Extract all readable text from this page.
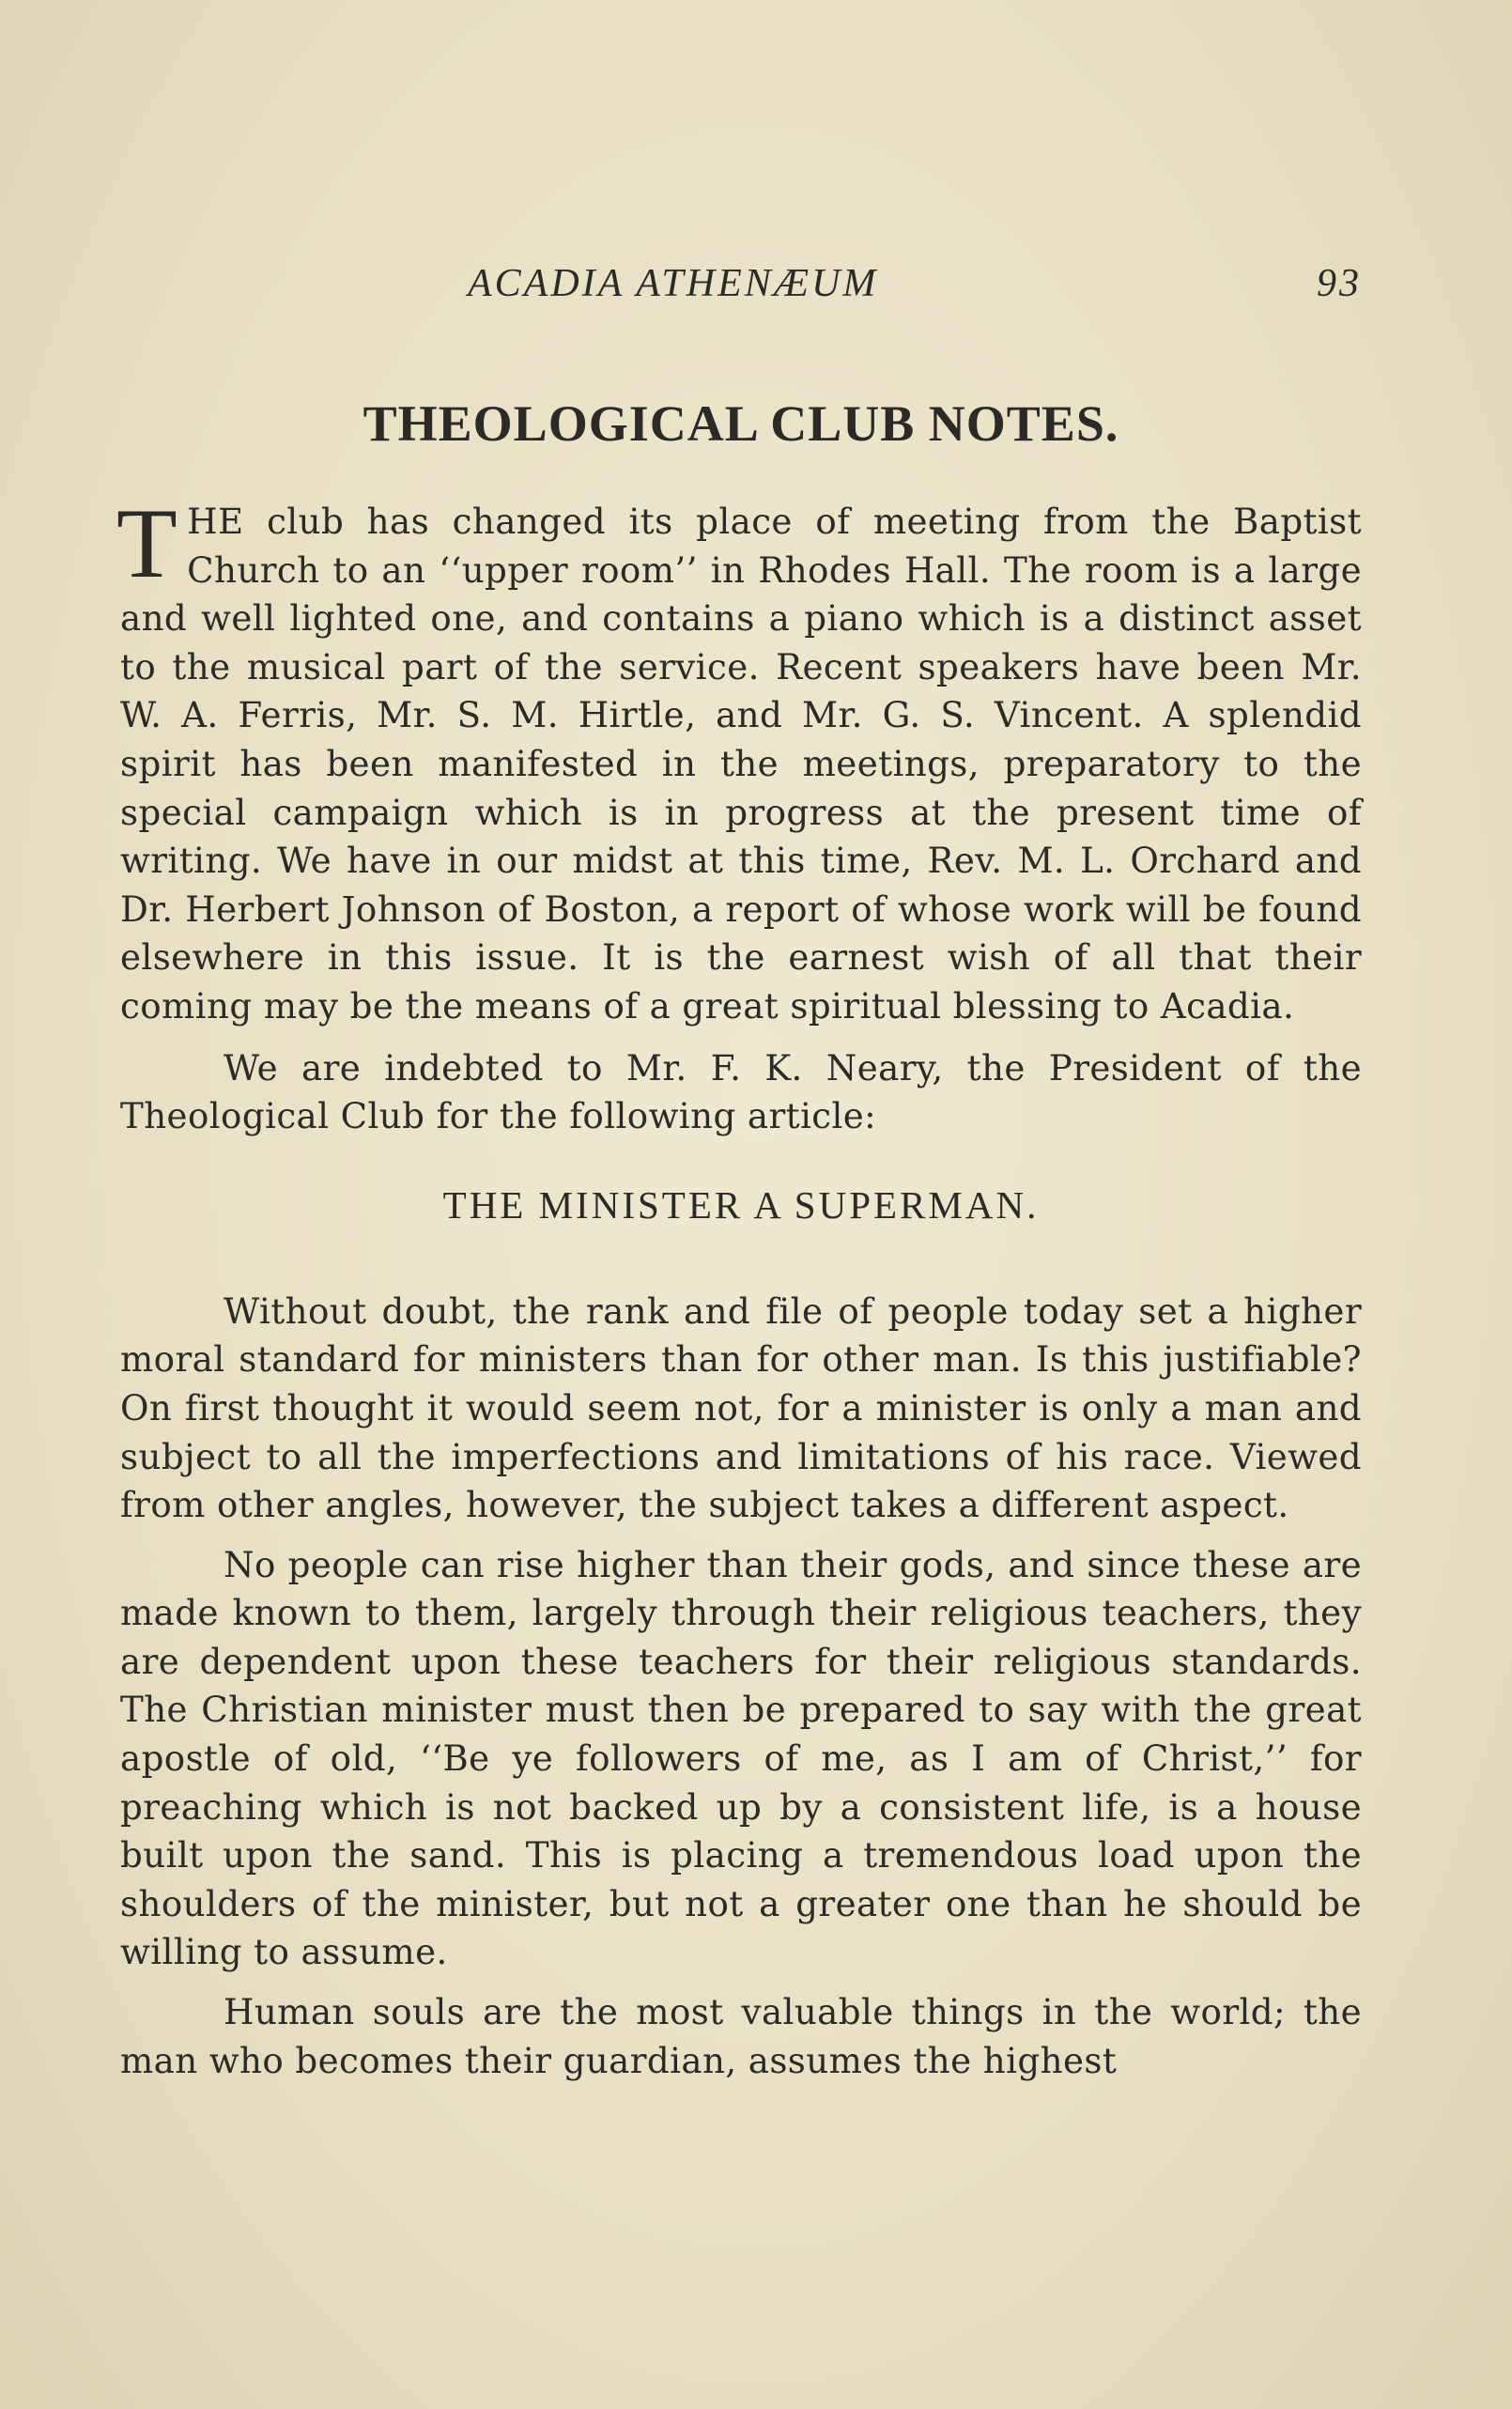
ACADIA ATHENÆUM	93
THEOLOGICAL CLUB NOTES.

THE club has changed its place of meeting from the Baptist Church to an ‘‘upper room’’ in Rhodes Hall. The room is a large and well lighted one, and contains a piano which is a distinct asset to the musical part of the service. Recent speakers have been Mr. W. A. Ferris, Mr. S. M. Hirtle, and Mr. G. S. Vincent. A splendid spirit has been manifested in the meetings, preparatory to the special campaign which is in progress at the present time of writing. We have in our midst at this time, Rev. M. L. Orchard and Dr. Herbert Johnson of Boston, a report of whose work will be found elsewhere in this issue. It is the earnest wish of all that their coming may be the means of a great spiritual blessing to Acadia.

We are indebted to Mr. F. K. Neary, the President of the Theological Club for the following article:

THE MINISTER A SUPERMAN.

Without doubt, the rank and file of people today set a higher moral standard for ministers than for other man. Is this justifiable? On first thought it would seem not, for a minister is only a man and subject to all the imperfections and limitations of his race. Viewed from other angles, however, the subject takes a different aspect.

No people can rise higher than their gods, and since these are made known to them, largely through their religious teachers, they are dependent upon these teachers for their religious standards. The Christian minister must then be prepared to say with the great apostle of old, ‘‘Be ye followers of me, as I am of Christ,’’ for preaching which is not backed up by a consistent life, is a house built upon the sand. This is placing a tremendous load upon the shoulders of the minister, but not a greater one than he should be willing to assume.

Human souls are the most valuable things in the world; the man who becomes their guardian, assumes the highest
